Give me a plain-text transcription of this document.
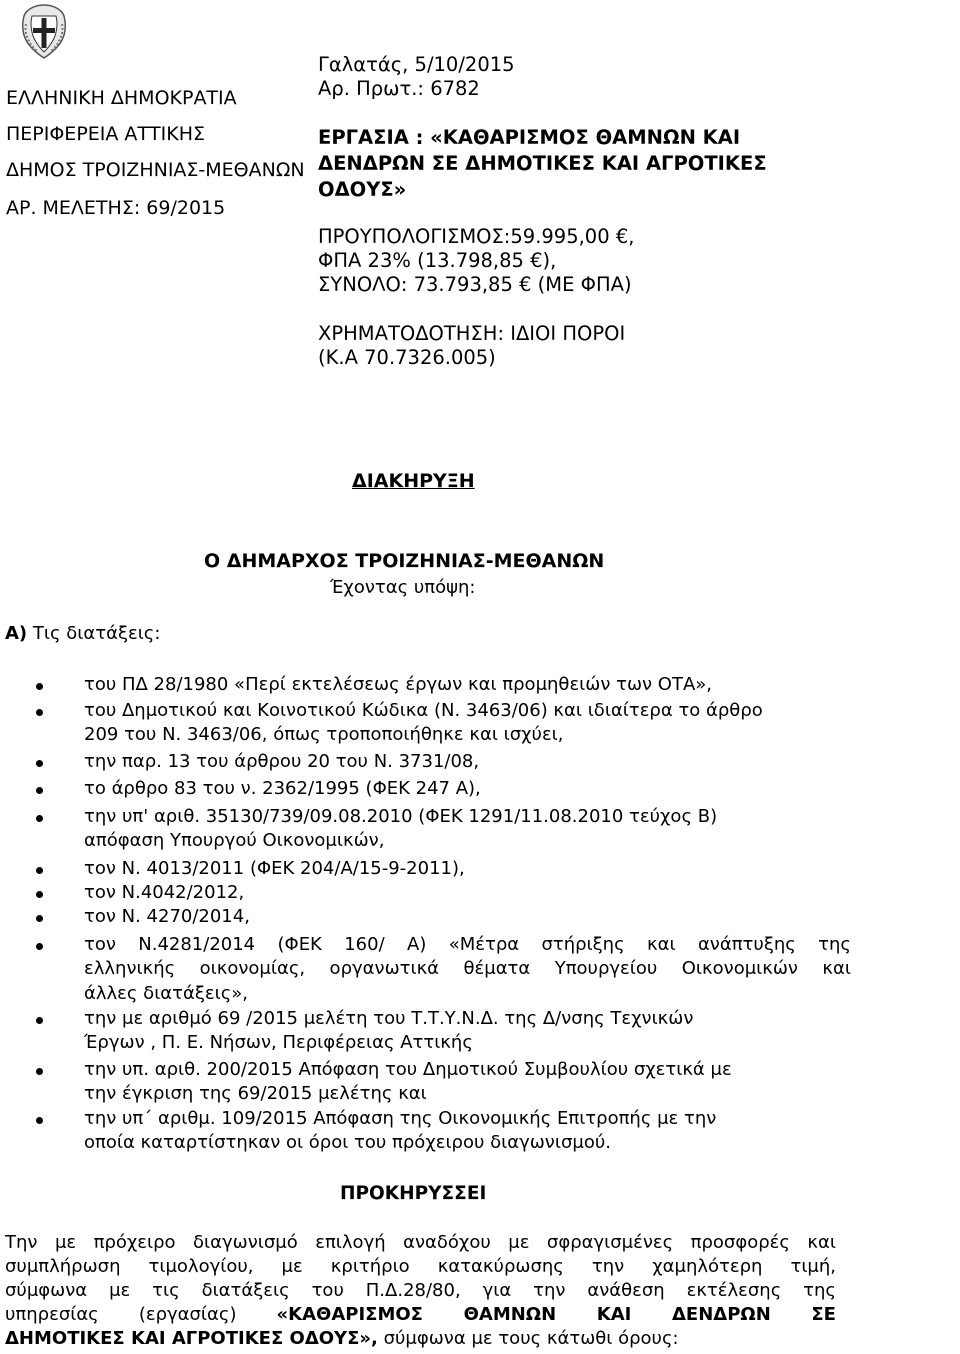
ΕΛΛΗΝΙΚΗ ΔΗΜΟΚΡΑΤΙΑ
ΠΕΡΙΦΕΡΕΙΑ ΑΤΤΙΚΗΣ
ΔΗΜΟΣ ΤΡΟΙΖΗΝΙΑΣ-ΜΕΘΑΝΩΝ
ΑΡ. ΜΕΛΕΤΗΣ: 69/2015
Γαλατάς, 5/10/2015
Αρ. Πρωτ.: 6782
ΕΡΓΑΣΙΑ : «ΚΑΘΑΡΙΣΜΟΣ ΘΑΜΝΩΝ ΚΑΙ
ΔΕΝΔΡΩΝ ΣΕ ΔΗΜΟΤΙΚΕΣ ΚΑΙ ΑΓΡΟΤΙΚΕΣ
ΟΔΟΥΣ»
ΠΡΟΥΠΟΛΟΓΙΣΜΟΣ:59.995,00 €,
ΦΠΑ 23% (13.798,85 €),
ΣΥΝΟΛΟ: 73.793,85 € (ΜΕ ΦΠΑ)
ΧΡΗΜΑΤΟΔΟΤΗΣΗ: ΙΔΙΟΙ ΠΟΡΟΙ
(Κ.Α 70.7326.005)
ΔΙΑΚΗΡΥΞΗ
Ο ΔΗΜΑΡΧΟΣ ΤΡΟΙΖΗΝΙΑΣ-ΜΕΘΑΝΩΝ
Έχοντας υπόψη:
Α) Τις διατάξεις:
του ΠΔ 28/1980 «Περί εκτελέσεως έργων και προμηθειών των ΟΤΑ»,
του Δημοτικού και Κοινοτικού Κώδικα (Ν. 3463/06) και ιδιαίτερα το άρθρο
209 του Ν. 3463/06, όπως τροποποιήθηκε και ισχύει,
την παρ. 13 του άρθρου 20 του Ν. 3731/08,
το άρθρο 83 του ν. 2362/1995 (ΦΕΚ 247 Α),
την υπ' αριθ. 35130/739/09.08.2010 (ΦΕΚ 1291/11.08.2010 τεύχος Β)
απόφαση Υπουργού Οικονομικών,
τον Ν. 4013/2011 (ΦΕΚ 204/Α/15-9-2011),
τον Ν.4042/2012,
τον Ν. 4270/2014,
τον Ν.4281/2014 (ΦΕΚ 160/ Α) «Μέτρα στήριξης και ανάπτυξης της
ελληνικής οικονομίας, οργανωτικά θέματα Υπουργείου Οικονομικών και
άλλες διατάξεις»,
την με αριθμό 69 /2015 μελέτη του Τ.Τ.Υ.Ν.Δ. της Δ/νσης Τεχνικών
Έργων , Π. Ε. Νήσων, Περιφέρειας Αττικής
την υπ. αριθ. 200/2015 Απόφαση του Δημοτικού Συμβουλίου σχετικά με
την έγκριση της 69/2015 μελέτης και
την υπ΄ αριθμ. 109/2015 Απόφαση της Οικονομικής Επιτροπής με την
οποία καταρτίστηκαν οι όροι του πρόχειρου διαγωνισμού.
ΠΡΟΚΗΡΥΣΣΕΙ
Την με πρόχειρο διαγωνισμό επιλογή αναδόχου με σφραγισμένες προσφορές και
συμπλήρωση τιμολογίου, με κριτήριο κατακύρωσης την χαμηλότερη τιμή,
σύμφωνα με τις διατάξεις του Π.Δ.28/80, για την ανάθεση εκτέλεσης της
υπηρεσίας (εργασίας) «ΚΑΘΑΡΙΣΜΟΣ ΘΑΜΝΩΝ ΚΑΙ ΔΕΝΔΡΩΝ ΣΕ
ΔΗΜΟΤΙΚΕΣ ΚΑΙ ΑΓΡΟΤΙΚΕΣ ΟΔΟΥΣ», σύμφωνα με τους κάτωθι όρους:
